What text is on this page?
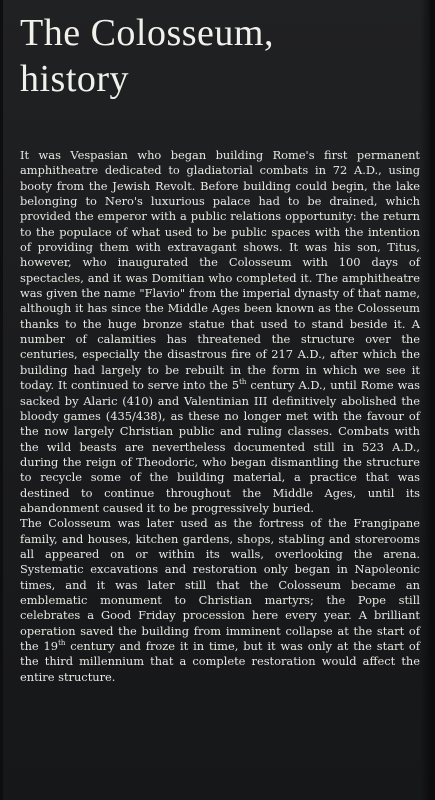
The Colosseum,
history

It was Vespasian who began building Rome's first permanent amphitheatre dedicated to gladiatorial combats in 72 A.D., using booty from the Jewish Revolt. Before building could begin, the lake belonging to Nero's luxurious palace had to be drained, which provided the emperor with a public relations opportunity: the return to the populace of what used to be public spaces with the intention of providing them with extravagant shows. It was his son, Titus, however, who inaugurated the Colosseum with 100 days of spectacles, and it was Domitian who completed it. The amphitheatre was given the name "Flavio" from the imperial dynasty of that name, although it has since the Middle Ages been known as the Colosseum thanks to the huge bronze statue that used to stand beside it. A number of calamities has threatened the structure over the centuries, especially the disastrous fire of 217 A.D., after which the building had largely to be rebuilt in the form in which we see it today. It continued to serve into the 5th century A.D., until Rome was sacked by Alaric (410) and Valentinian III definitively abolished the bloody games (435/438), as these no longer met with the favour of the now largely Christian public and ruling classes. Combats with the wild beasts are nevertheless documented still in 523 A.D., during the reign of Theodoric, who began dismantling the structure to recycle some of the building material, a practice that was destined to continue throughout the Middle Ages, until its abandonment caused it to be progressively buried.

The Colosseum was later used as the fortress of the Frangipane family, and houses, kitchen gardens, shops, stabling and storerooms all appeared on or within its walls, overlooking the arena. Systematic excavations and restoration only began in Napoleonic times, and it was later still that the Colosseum became an emblematic monument to Christian martyrs; the Pope still celebrates a Good Friday procession here every year. A brilliant operation saved the building from imminent collapse at the start of the 19th century and froze it in time, but it was only at the start of the third millennium that a complete restoration would affect the entire structure.
